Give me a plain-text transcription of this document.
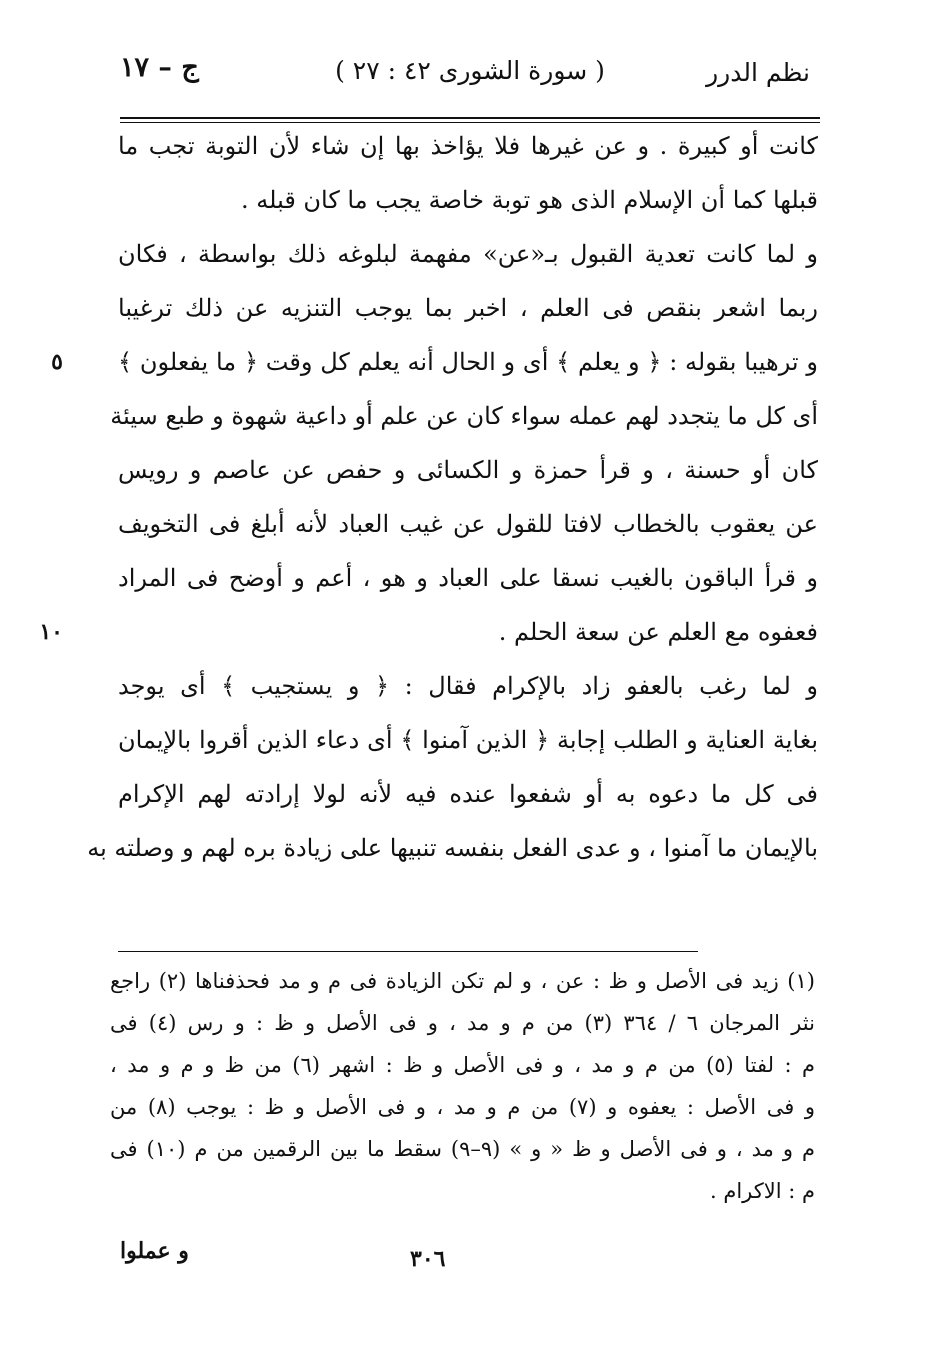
نظم الدرر
( سورة الشورى ٤٢ : ٢٧ )
ج – ١٧
كانت أو كبيرة . و عن غيرها فلا يؤاخذ بها إن شاء لأن التوبة تجب ما
قبلها كما أن الإسلام الذى هو توبة خاصة يجب ما كان قبله .
و لما كانت تعدية القبول بـ«عن» مفهمة لبلوغه ذلك بواسطة ، فكان
ربما اشعر بنقص فى العلم ، اخبر بما يوجب التنزيه عن ذلك ترغيبا
٥ و ترهيبا بقوله : ﴿ و يعلم ﴾ أى و الحال أنه يعلم كل وقت ﴿ ما يفعلون ﴾
أى كل ما يتجدد لهم عمله سواء كان عن علم أو داعية شهوة و طبع سيئة
كان أو حسنة ، و قرأ حمزة و الكسائى و حفص عن عاصم و رويس
عن يعقوب بالخطاب لافتا للقول عن غيب العباد لأنه أبلغ فى التخويف
و قرأ الباقون بالغيب نسقا على العباد و هو ، أعم و أوضح فى المراد
١٠	فعفوه مع العلم عن سعة الحلم .
و لما رغب بالعفو زاد بالإكرام فقال : ﴿ و يستجيب ﴾ أى يوجد
بغاية العناية و الطلب إجابة ﴿ الذين آمنوا ﴾ أى دعاء الذين أقروا بالإيمان
فى كل ما دعوه به أو شفعوا عنده فيه لأنه لولا إرادته لهم الإكرام
بالإيمان ما آمنوا ، و عدى الفعل بنفسه تنبيها على زيادة بره لهم و وصلته به
(١) زيد فى الأصل و ظ : عن ، و لم تكن الزيادة فى م و مد فحذفناها (٢) راجع
نثر المرجان ٦ / ٣٦٤ (٣) من م و مد ، و فى الأصل و ظ : و رس (٤) فى
م : لفتا (٥) من م و مد ، و فى الأصل و ظ : اشهر (٦) من ظ و م و مد ،
و فى الأصل : يعفوه و (٧) من م و مد ، و فى الأصل و ظ : يوجب (٨) من
م و مد ، و فى الأصل و ظ « و » (٩–٩) سقط ما بين الرقمين من م (١٠) فى
م : الاكرام .
٣٠٦
و عملوا
